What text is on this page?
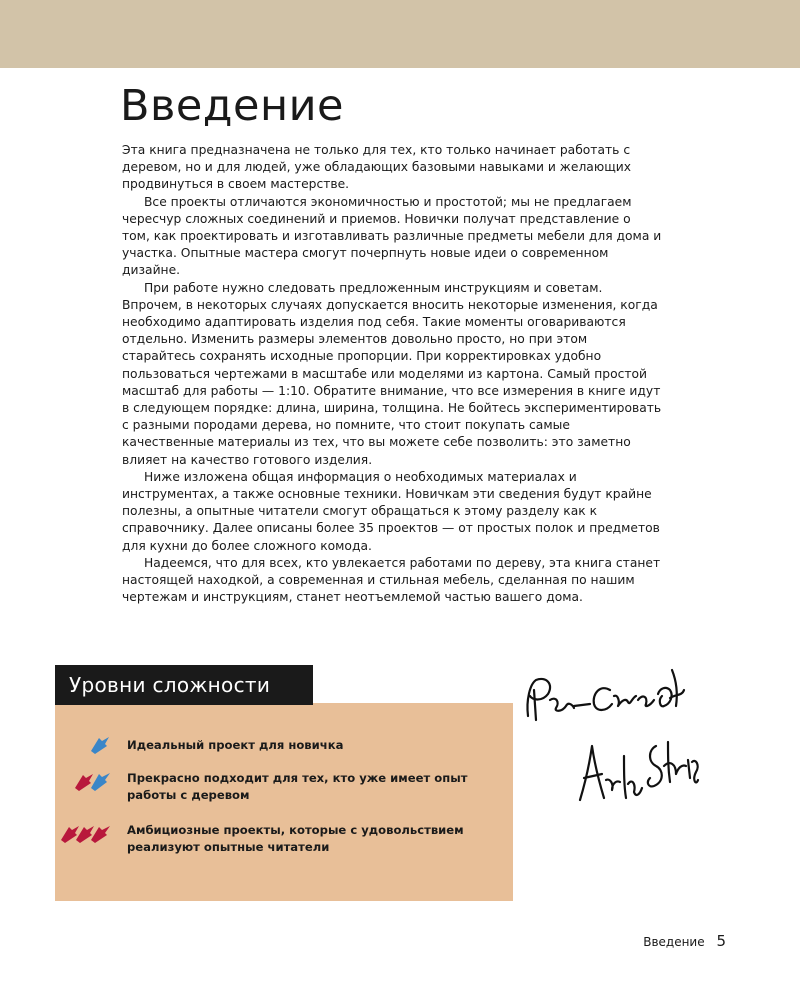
Введение

Эта книга предназначена не только для тех, кто только начинает работать с деревом, но и для людей, уже обладающих базовыми навыками и желающих продвинуться в своем мастерстве.

Все проекты отличаются экономичностью и простотой; мы не предлагаем чересчур сложных соединений и приемов. Новички получат представление о том, как проектировать и изготавливать различные предметы мебели для дома и участка. Опытные мастера смогут почерпнуть новые идеи о современном дизайне.

При работе нужно следовать предложенным инструкциям и советам. Впрочем, в некоторых случаях допускается вносить некоторые изменения, когда необходимо адаптировать изделия под себя. Такие моменты оговариваются отдельно. Изменить размеры элементов довольно просто, но при этом старайтесь сохранять исходные пропорции. При корректировках удобно пользоваться чертежами в масштабе или моделями из картона. Самый простой масштаб для работы — 1:10. Обратите внимание, что все измерения в книге идут в следующем порядке: длина, ширина, толщина. Не бойтесь экспериментировать с разными породами дерева, но помните, что стоит покупать самые качественные материалы из тех, что вы можете себе позволить: это заметно влияет на качество готового изделия.

Ниже изложена общая информация о необходимых материалах и инструментах, а также основные техники. Новичкам эти сведения будут крайне полезны, а опытные читатели смогут обращаться к этому разделу как к справочнику. Далее описаны более 35 проектов — от простых полок и предметов для кухни до более сложного комода.

Надеемся, что для всех, кто увлекается работами по дереву, эта книга станет настоящей находкой, а современная и стильная мебель, сделанная по нашим чертежам и инструкциям, станет неотъемлемой частью вашего дома.

Уровни сложности
Идеальный проект для новичка
Прекрасно подходит для тех, кто уже имеет опыт работы с деревом
Амбициозные проекты, которые с удовольствием реализуют опытные читатели
Введение 5
